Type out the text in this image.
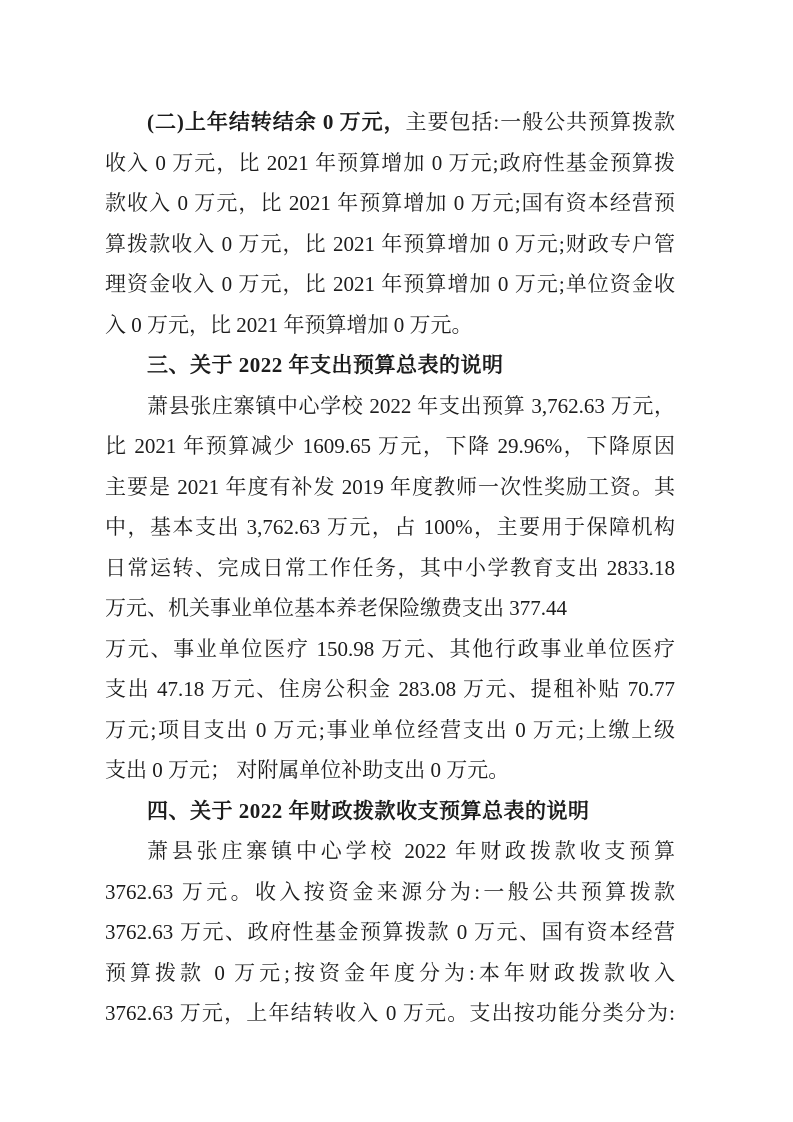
(二)上年结转结余 0 万元，主要包括:一般公共预算拨款
收入 0 万元，比 2021 年预算增加 0 万元;政府性基金预算拨
款收入 0 万元，比 2021 年预算增加 0 万元;国有资本经营预
算拨款收入 0 万元，比 2021 年预算增加 0 万元;财政专户管
理资金收入 0 万元，比 2021 年预算增加 0 万元;单位资金收
入 0 万元，比 2021 年预算增加 0 万元。
三、关于 2022 年支出预算总表的说明
萧县张庄寨镇中心学校 2022 年支出预算 3,762.63 万元，
比 2021 年预算减少 1609.65 万元，下降 29.96%，下降原因
主要是 2021 年度有补发 2019 年度教师一次性奖励工资。其
中，基本支出 3,762.63 万元，占 100%，主要用于保障机构
日常运转、完成日常工作任务，其中小学教育支出 2833.18
万元、机关事业单位基本养老保险缴费支出 377.44
万元、事业单位医疗 150.98 万元、其他行政事业单位医疗
支出 47.18 万元、住房公积金 283.08 万元、提租补贴 70.77
万元;项目支出 0 万元;事业单位经营支出 0 万元;上缴上级
支出 0 万元； 对附属单位补助支出 0 万元。
四、关于 2022 年财政拨款收支预算总表的说明
萧县张庄寨镇中心学校 2022 年财政拨款收支预算
3762.63 万元。收入按资金来源分为:一般公共预算拨款
3762.63 万元、政府性基金预算拨款 0 万元、国有资本经营
预算拨款 0 万元;按资金年度分为:本年财政拨款收入
3762.63 万元，上年结转收入 0 万元。支出按功能分类分为:
